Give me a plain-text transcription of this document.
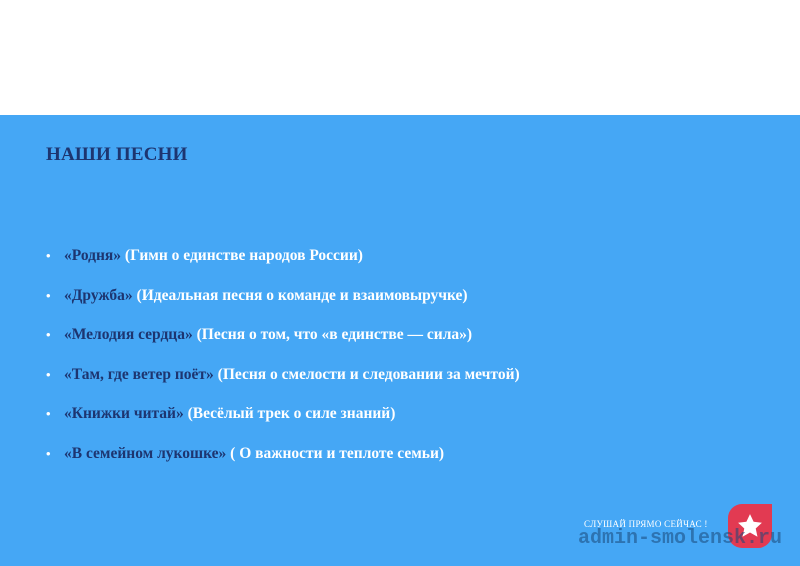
НАШИ ПЕСНИ
• «Родня» (Гимн о единстве народов России)
• «Дружба» (Идеальная песня о команде и взаимовыручке)
• «Мелодия сердца» (Песня о том, что «в единстве — сила»)
• «Там, где ветер поёт» (Песня о смелости и следовании за мечтой)
• «Книжки читай» (Весёлый трек о силе знаний)
• «В семейном лукошке» ( О важности и теплоте семьи)
СЛУШАЙ ПРЯМО СЕЙЧАС !
admin-smolensk.ru
